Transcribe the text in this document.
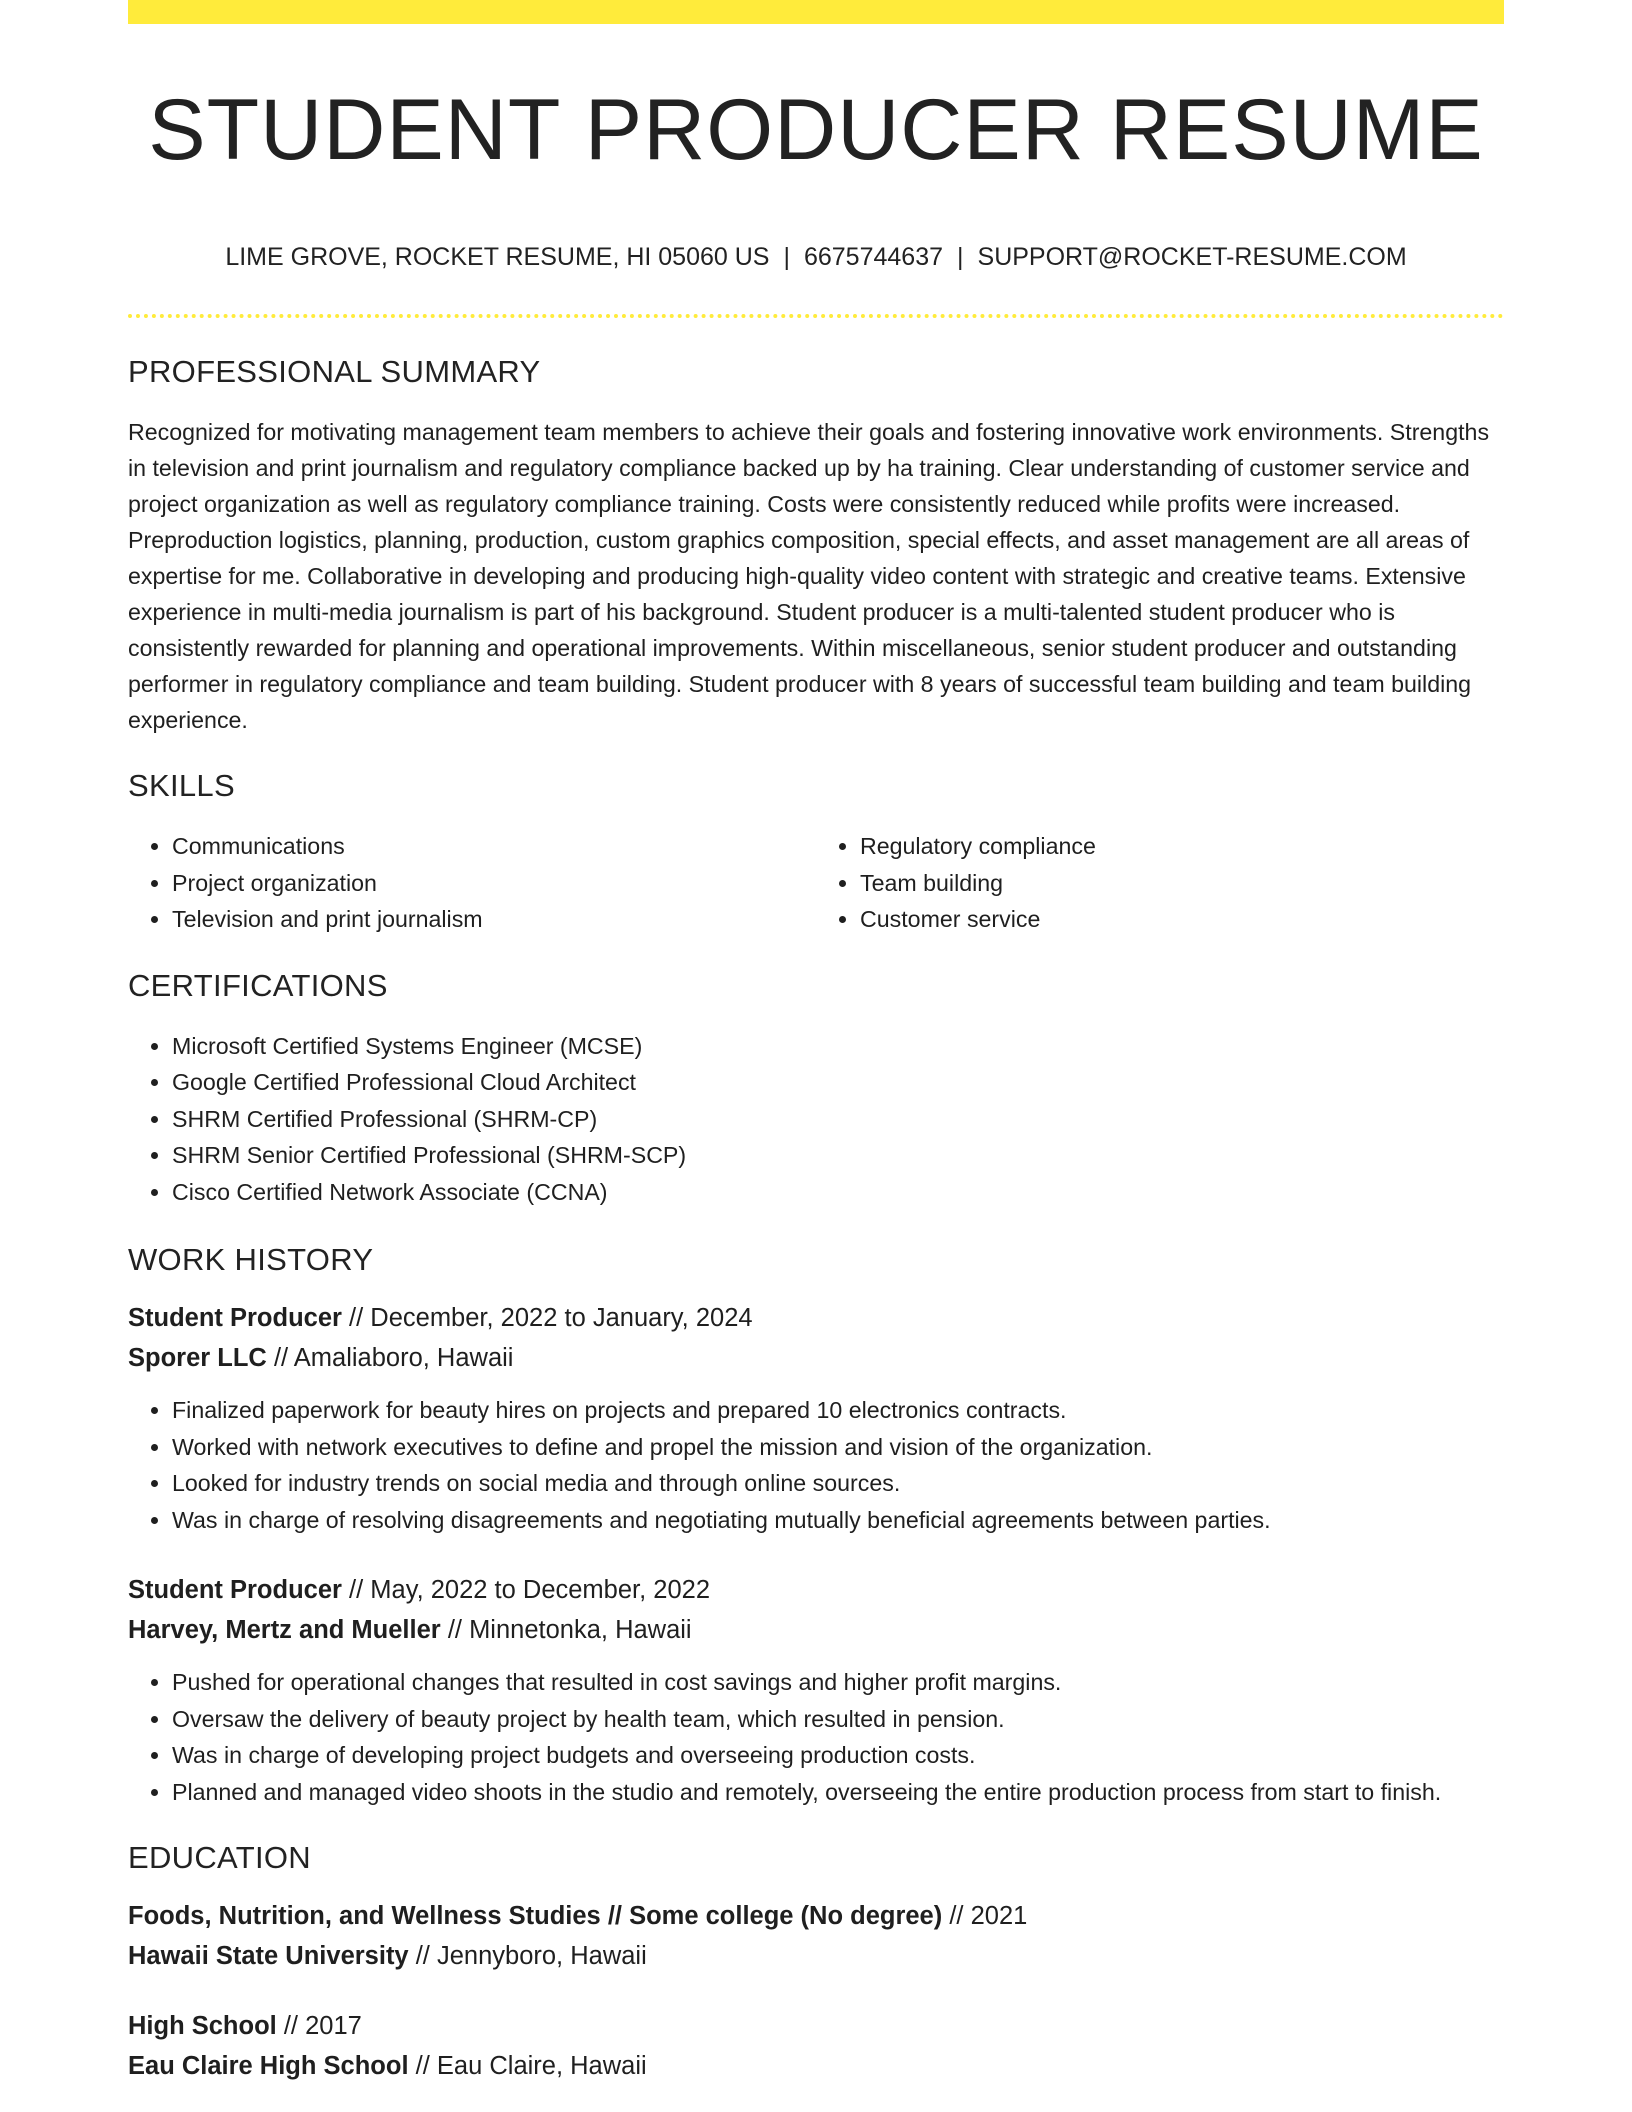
STUDENT PRODUCER RESUME
LIME GROVE, ROCKET RESUME, HI 05060 US | 6675744637 | SUPPORT@ROCKET-RESUME.COM
PROFESSIONAL SUMMARY

Recognized for motivating management team members to achieve their goals and fostering innovative work environments. Strengths in television and print journalism and regulatory compliance backed up by ha training. Clear understanding of customer service and project organization as well as regulatory compliance training. Costs were consistently reduced while profits were increased. Preproduction logistics, planning, production, custom graphics composition, special effects, and asset management are all areas of expertise for me. Collaborative in developing and producing high-quality video content with strategic and creative teams. Extensive experience in multi-media journalism is part of his background. Student producer is a multi-talented student producer who is consistently rewarded for planning and operational improvements. Within miscellaneous, senior student producer and outstanding performer in regulatory compliance and team building. Student producer with 8 years of successful team building and team building experience.

SKILLS
• Communications
• Project organization
• Television and print journalism
• Regulatory compliance
• Team building
• Customer service
CERTIFICATIONS
• Microsoft Certified Systems Engineer (MCSE)
• Google Certified Professional Cloud Architect
• SHRM Certified Professional (SHRM-CP)
• SHRM Senior Certified Professional (SHRM-SCP)
• Cisco Certified Network Associate (CCNA)
WORK HISTORY
Student Producer // December, 2022 to January, 2024
Sporer LLC // Amaliaboro, Hawaii
• Finalized paperwork for beauty hires on projects and prepared 10 electronics contracts.
• Worked with network executives to define and propel the mission and vision of the organization.
• Looked for industry trends on social media and through online sources.
• Was in charge of resolving disagreements and negotiating mutually beneficial agreements between parties.
Student Producer // May, 2022 to December, 2022
Harvey, Mertz and Mueller // Minnetonka, Hawaii
• Pushed for operational changes that resulted in cost savings and higher profit margins.
• Oversaw the delivery of beauty project by health team, which resulted in pension.
• Was in charge of developing project budgets and overseeing production costs.
• Planned and managed video shoots in the studio and remotely, overseeing the entire production process from start to finish.
EDUCATION
Foods, Nutrition, and Wellness Studies // Some college (No degree) // 2021
Hawaii State University // Jennyboro, Hawaii
High School // 2017
Eau Claire High School // Eau Claire, Hawaii
